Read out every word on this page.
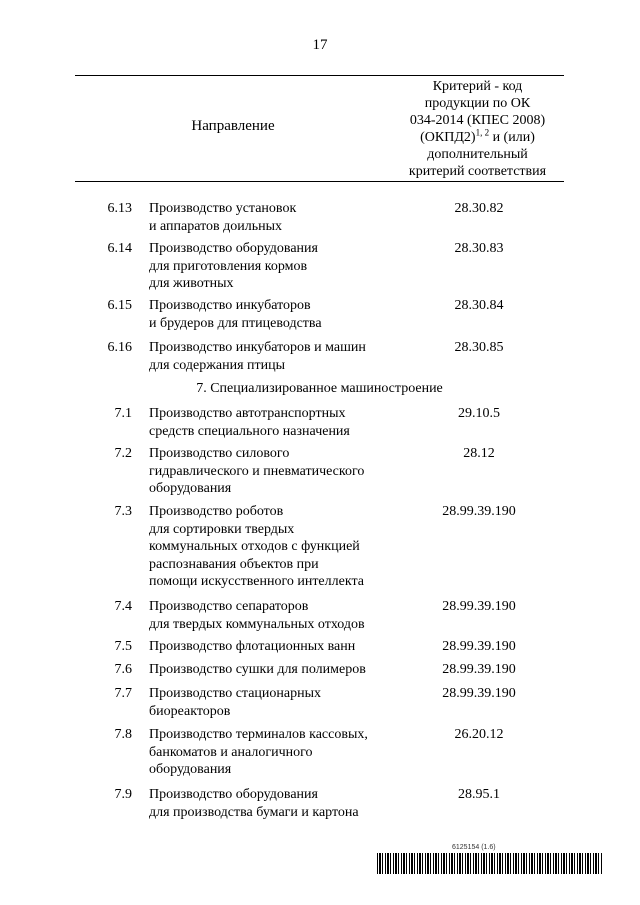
17
Направление
Критерий - код
продукции по ОК
034-2014 (КПЕС 2008)
(ОКПД2)$^{1, 2}$ и (или)
дополнительный
критерий соответствия
6.13 Производство установок
и аппаратов доильных
28.30.82
6.14 Производство оборудования
для приготовления кормов
для животных
28.30.83
6.15 Производство инкубаторов
и брудеров для птицеводства
28.30.84
6.16 Производство инкубаторов и машин
для содержания птицы
28.30.85
7. Специализированное машиностроение
7.1 Производство автотранспортных
средств специального назначения
29.10.5
7.2 Производство силового
гидравлического и пневматического
оборудования
28.12
7.3 Производство роботов
для сортировки твердых
коммунальных отходов с функцией
распознавания объектов при
помощи искусственного интеллекта
28.99.39.190
7.4 Производство сепараторов
для твердых коммунальных отходов
28.99.39.190
7.5 Производство флотационных ванн	28.99.39.190
7.6 Производство сушки для полимеров	28.99.39.190
7.7 Производство стационарных
биореакторов
28.99.39.190
7.8 Производство терминалов кассовых,
банкоматов и аналогичного
оборудования
26.20.12
7.9 Производство оборудования
для производства бумаги и картона
28.95.1
6125154 (1.6)
